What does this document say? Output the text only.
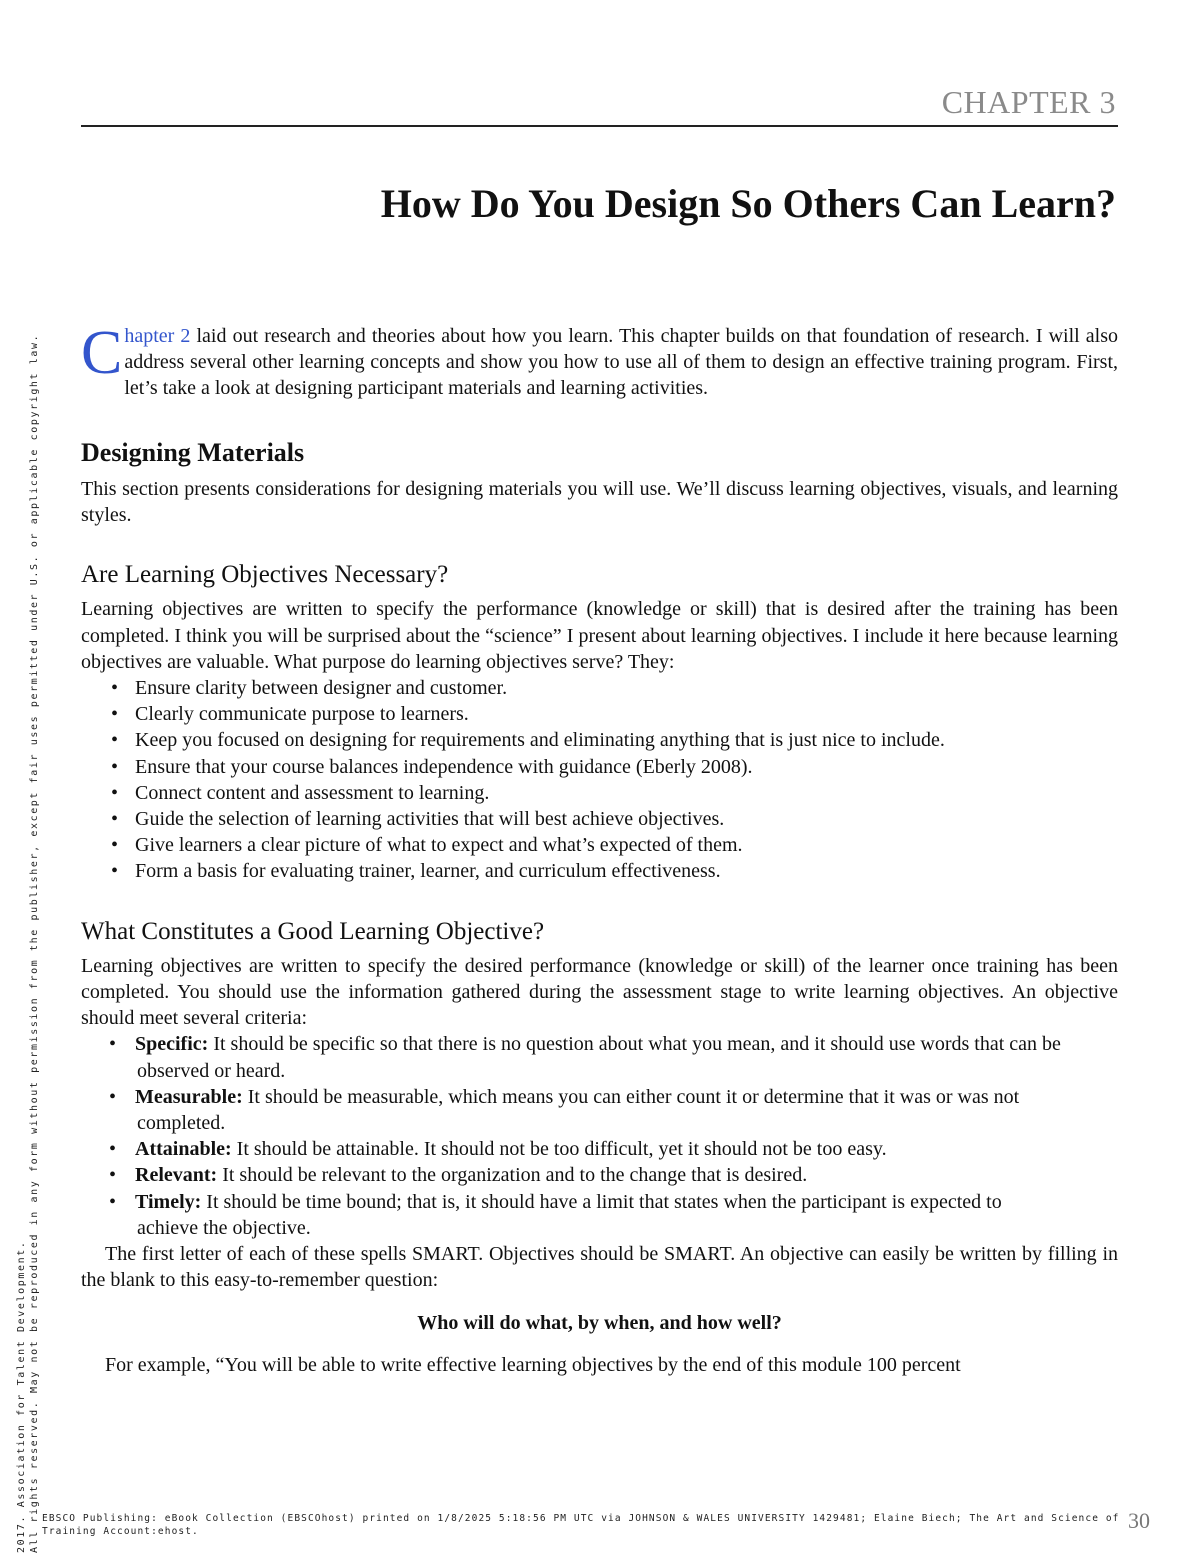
CHAPTER 3
How Do You Design So Others Can Learn?

Chapter 2 laid out research and theories about how you learn. This chapter builds on that foundation of research. I will also address several other learning concepts and show you how to use all of them to design an effective training program. First, let’s take a look at designing participant materials and learning activities.

Designing Materials

This section presents considerations for designing materials you will use. We’ll discuss learning objectives, visuals, and learning styles.

Are Learning Objectives Necessary?

Learning objectives are written to specify the performance (knowledge or skill) that is desired after the training has been completed. I think you will be surprised about the “science” I present about learning objectives. I include it here because learning objectives are valuable. What purpose do learning objectives serve? They:

• Ensure clarity between designer and customer.
• Clearly communicate purpose to learners.
• Keep you focused on designing for requirements and eliminating anything that is just nice to include.
• Ensure that your course balances independence with guidance (Eberly 2008).
• Connect content and assessment to learning.
• Guide the selection of learning activities that will best achieve objectives.
• Give learners a clear picture of what to expect and what’s expected of them.
• Form a basis for evaluating trainer, learner, and curriculum effectiveness.
What Constitutes a Good Learning Objective?

Learning objectives are written to specify the desired performance (knowledge or skill) of the learner once training has been completed. You should use the information gathered during the assessment stage to write learning objectives. An objective should meet several criteria:

• Specific: It should be specific so that there is no question about what you mean, and it should use words that can be observed or heard.
• Measurable: It should be measurable, which means you can either count it or determine that it was or was not completed.
• Attainable: It should be attainable. It should not be too difficult, yet it should not be too easy.
• Relevant: It should be relevant to the organization and to the change that is desired.
• Timely: It should be time bound; that is, it should have a limit that states when the participant is expected to achieve the objective.

The first letter of each of these spells SMART. Objectives should be SMART. An objective can easily be written by filling in the blank to this easy-to-remember question:

Who will do what, by when, and how well?

For example, “You will be able to write effective learning objectives by the end of this module 100 percent

2017. Association for Talent Development. All rights reserved. May not be reproduced in any form without permission from the publisher, except fair uses permitted under U.S. or applicable copyright law. EBSCO Publishing: eBook Collection (EBSCOhost) printed on 1/8/2025 5:18:56 PM UTC via JOHNSON & WALES UNIVERSITY 1429481; Elaine Biech; The Art and Science of
Training Account:ehost.	30
